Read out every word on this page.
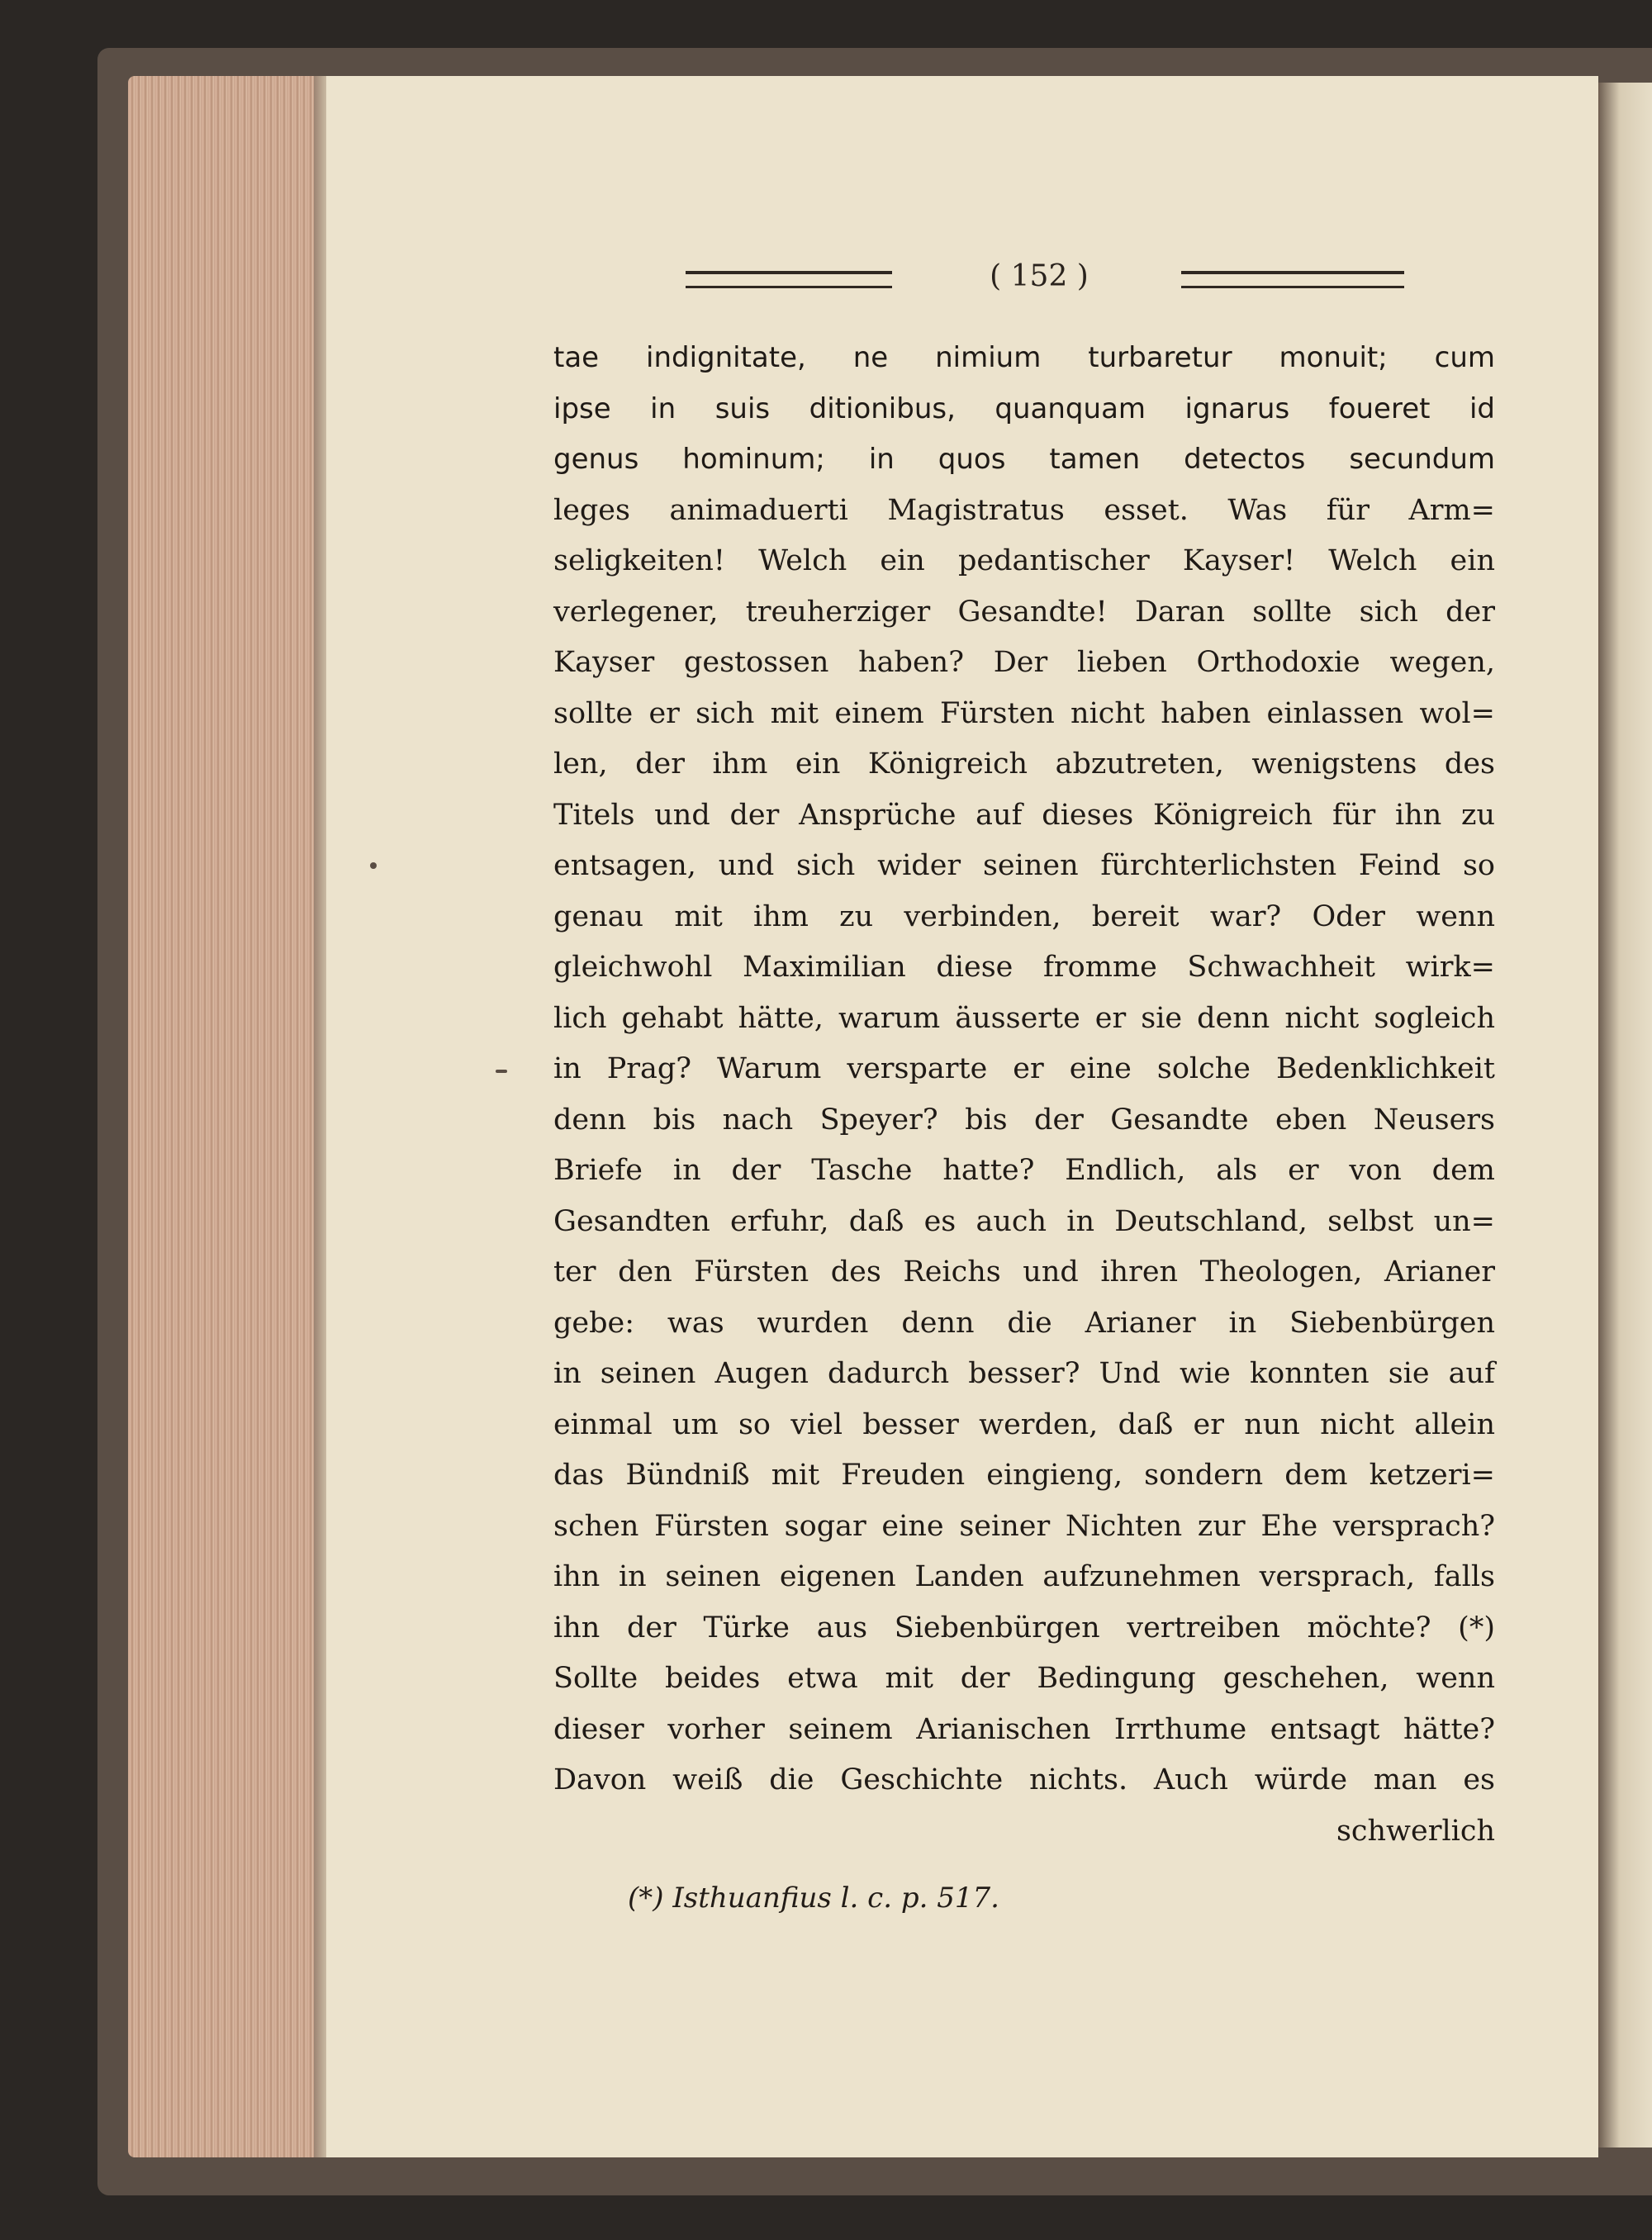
( 152 )
tae indignitate, ne nimium turbaretur monuit; cum
ipse in suis ditionibus, quanquam ignarus foueret id
genus hominum; in quos tamen detectos secundum
leges animaduerti Magistratus esset. Was für Arm=
seligkeiten! Welch ein pedantischer Kayser! Welch ein
verlegener, treuherziger Gesandte! Daran sollte sich der
Kayser gestossen haben? Der lieben Orthodoxie wegen,
sollte er sich mit einem Fürsten nicht haben einlassen wol=
len, der ihm ein Königreich abzutreten, wenigstens des
Titels und der Ansprüche auf dieses Königreich für ihn zu
entsagen, und sich wider seinen fürchterlichsten Feind so
genau mit ihm zu verbinden, bereit war? Oder wenn
gleichwohl Maximilian diese fromme Schwachheit wirk=
lich gehabt hätte, warum äusserte er sie denn nicht sogleich
in Prag? Warum versparte er eine solche Bedenklichkeit
denn bis nach Speyer? bis der Gesandte eben Neusers
Briefe in der Tasche hatte? Endlich, als er von dem
Gesandten erfuhr, daß es auch in Deutschland, selbst un=
ter den Fürsten des Reichs und ihren Theologen, Arianer
gebe: was wurden denn die Arianer in Siebenbürgen
in seinen Augen dadurch besser? Und wie konnten sie auf
einmal um so viel besser werden, daß er nun nicht allein
das Bündniß mit Freuden eingieng, sondern dem ketzeri=
schen Fürsten sogar eine seiner Nichten zur Ehe versprach?
ihn in seinen eigenen Landen aufzunehmen versprach, falls
ihn der Türke aus Siebenbürgen vertreiben möchte? (*)
Sollte beides etwa mit der Bedingung geschehen, wenn
dieser vorher seinem Arianischen Irrthume entsagt hätte?
Davon weiß die Geschichte nichts. Auch würde man es
schwerlich
(*) Isthuanfius l. c. p. 517.
